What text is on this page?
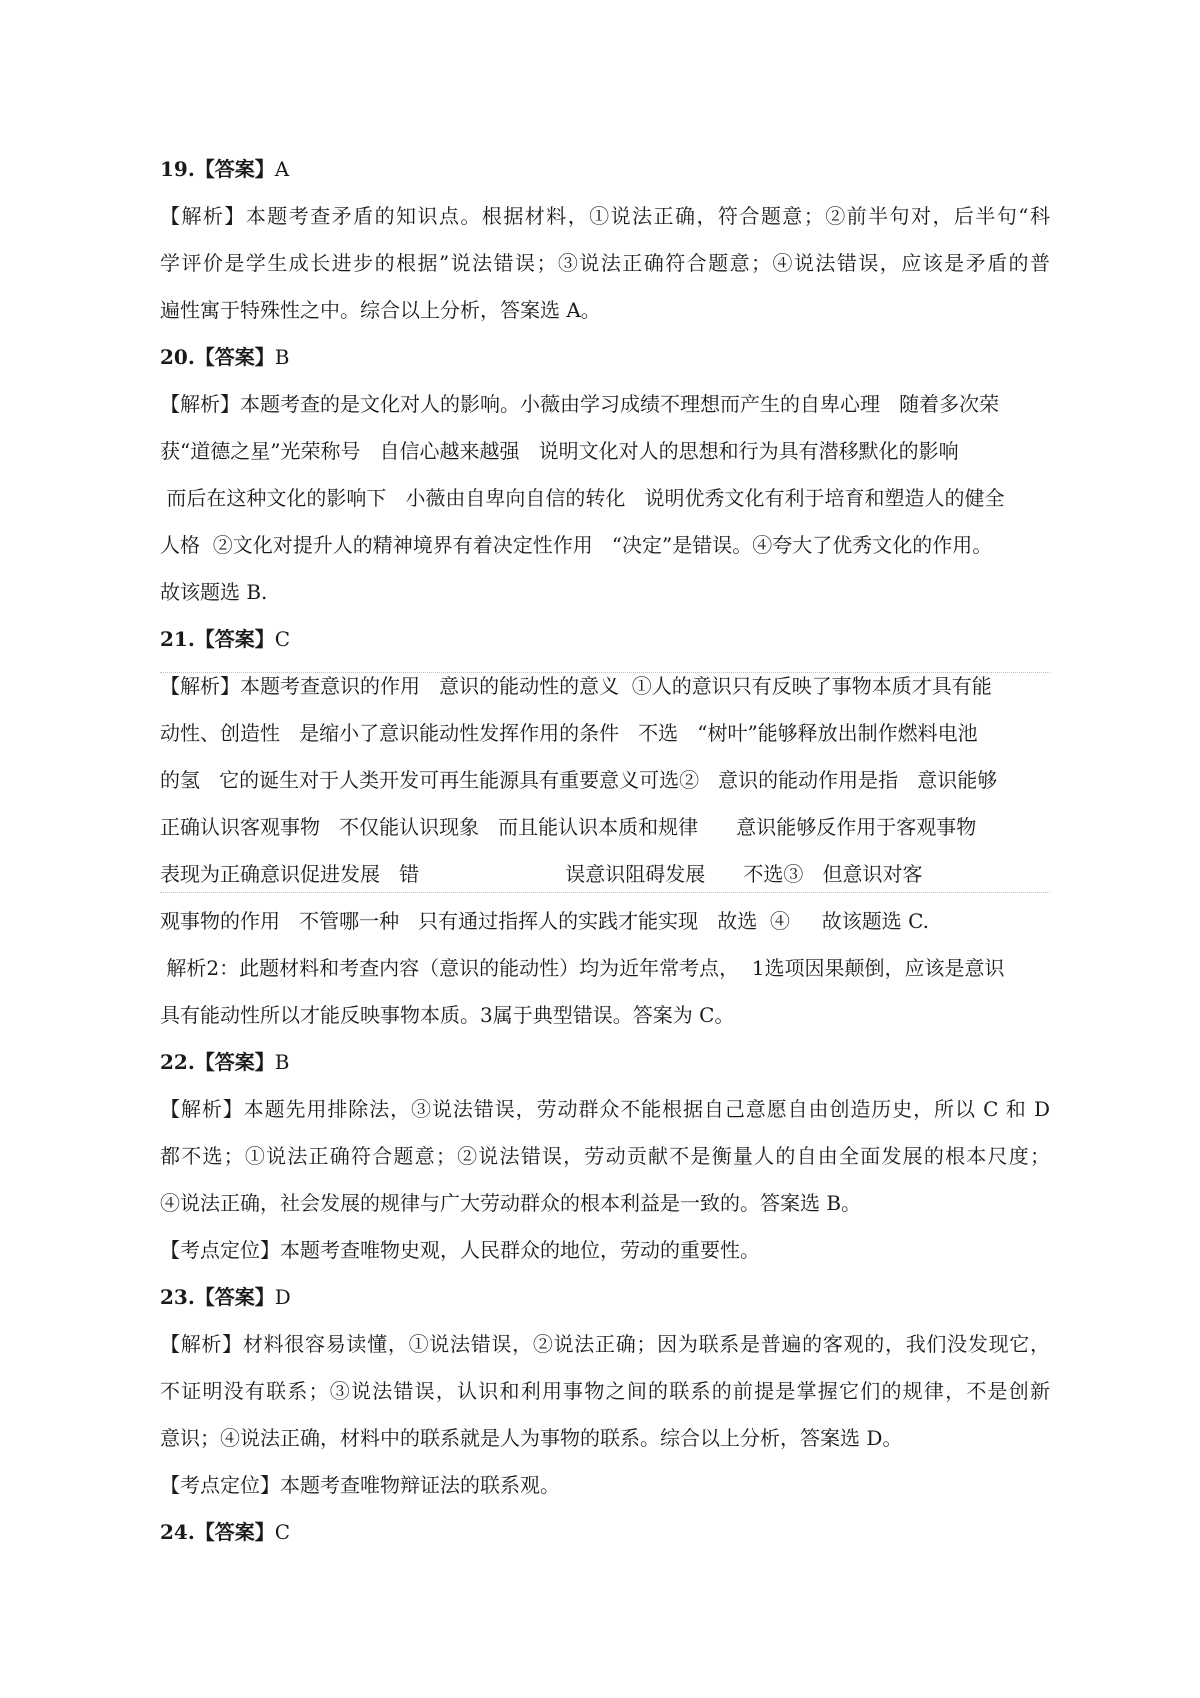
19.【答案】A
【解析】本题考查矛盾的知识点。根据材料，①说法正确，符合题意；②前半句对，后半句“科
学评价是学生成长进步的根据”说法错误；③说法正确符合题意；④说法错误，应该是矛盾的普
遍性寓于特殊性之中。综合以上分析，答案选 A。
20.【答案】B
【解析】本题考查的是文化对人的影响。小薇由学习成绩不理想而产生的自卑心理   随着多次荣
获“道德之星”光荣称号   自信心越来越强   说明文化对人的思想和行为具有潜移默化的影响
而后在这种文化的影响下   小薇由自卑向自信的转化   说明优秀文化有利于培育和塑造人的健全
人格  ②文化对提升人的精神境界有着决定性作用   “决定”是错误。④夸大了优秀文化的作用。
故该题选 B.
21.【答案】C
【解析】本题考查意识的作用   意识的能动性的意义  ①人的意识只有反映了事物本质才具有能
动性、创造性   是缩小了意识能动性发挥作用的条件   不选   “树叶”能够释放出制作燃料电池
的氢   它的诞生对于人类开发可再生能源具有重要意义可选②   意识的能动作用是指   意识能够
正确认识客观事物   不仅能认识现象   而且能认识本质和规律      意识能够反作用于客观事物
表现为正确意识促进发展   错                       误意识阻碍发展      不选③   但意识对客
观事物的作用   不管哪一种   只有通过指挥人的实践才能实现   故选  ④     故该题选 C.
解析2：此题材料和考查内容（意识的能动性）均为近年常考点，  1选项因果颠倒，应该是意识
具有能动性所以才能反映事物本质。3属于典型错误。答案为 C。
22.【答案】B
【解析】本题先用排除法，③说法错误，劳动群众不能根据自己意愿自由创造历史，所以 C 和 D
都不选；①说法正确符合题意；②说法错误，劳动贡献不是衡量人的自由全面发展的根本尺度；
④说法正确，社会发展的规律与广大劳动群众的根本利益是一致的。答案选 B。
【考点定位】本题考查唯物史观，人民群众的地位，劳动的重要性。
23.【答案】D
【解析】材料很容易读懂，①说法错误，②说法正确；因为联系是普遍的客观的，我们没发现它，
不证明没有联系；③说法错误，认识和利用事物之间的联系的前提是掌握它们的规律，不是创新
意识；④说法正确，材料中的联系就是人为事物的联系。综合以上分析，答案选 D。
【考点定位】本题考查唯物辩证法的联系观。
24.【答案】C
